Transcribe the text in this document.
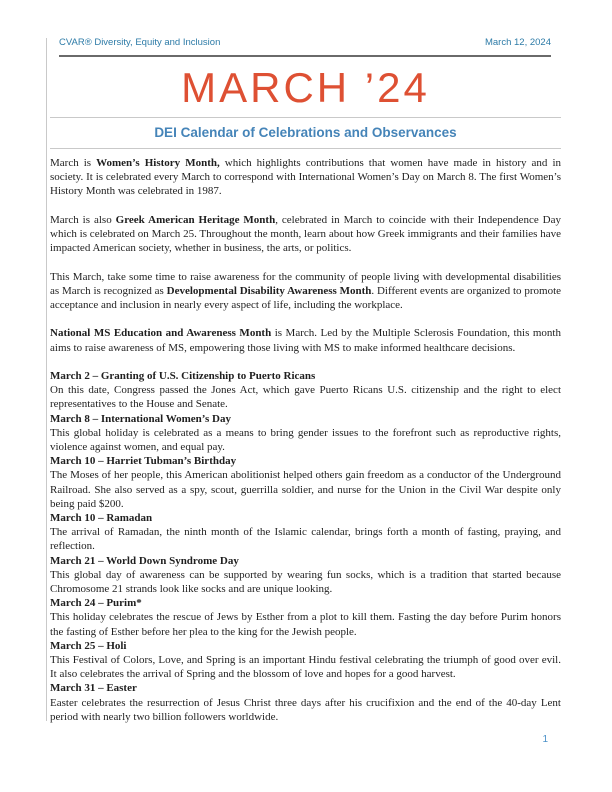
CVAR® Diversity, Equity and Inclusion	March 12, 2024
MARCH ’24
DEI Calendar of Celebrations and Observances

March is Women’s History Month, which highlights contributions that women have made in history and in society. It is celebrated every March to correspond with International Women’s Day on March 8. The first Women’s History Month was celebrated in 1987.

March is also Greek American Heritage Month, celebrated in March to coincide with their Independence Day which is celebrated on March 25. Throughout the month, learn about how Greek immigrants and their families have impacted American society, whether in business, the arts, or politics.

This March, take some time to raise awareness for the community of people living with developmental disabilities as March is recognized as Developmental Disability Awareness Month. Different events are organized to promote acceptance and inclusion in nearly every aspect of life, including the workplace.

National MS Education and Awareness Month is March. Led by the Multiple Sclerosis Foundation, this month aims to raise awareness of MS, empowering those living with MS to make informed healthcare decisions.

March 2 – Granting of U.S. Citizenship to Puerto Ricans

On this date, Congress passed the Jones Act, which gave Puerto Ricans U.S. citizenship and the right to elect representatives to the House and Senate.

March 8 – International Women’s Day

This global holiday is celebrated as a means to bring gender issues to the forefront such as reproductive rights, violence against women, and equal pay.

March 10 – Harriet Tubman’s Birthday

The Moses of her people, this American abolitionist helped others gain freedom as a conductor of the Underground Railroad. She also served as a spy, scout, guerrilla soldier, and nurse for the Union in the Civil War despite only being paid $200.

March 10 – Ramadan

The arrival of Ramadan, the ninth month of the Islamic calendar, brings forth a month of fasting, praying, and reflection.

March 21 – World Down Syndrome Day

This global day of awareness can be supported by wearing fun socks, which is a tradition that started because Chromosome 21 strands look like socks and are unique looking.

March 24 – Purim*

This holiday celebrates the rescue of Jews by Esther from a plot to kill them. Fasting the day before Purim honors the fasting of Esther before her plea to the king for the Jewish people.

March 25 – Holi

This Festival of Colors, Love, and Spring is an important Hindu festival celebrating the triumph of good over evil. It also celebrates the arrival of Spring and the blossom of love and hopes for a good harvest.

March 31 – Easter

Easter celebrates the resurrection of Jesus Christ three days after his crucifixion and the end of the 40-day Lent period with nearly two billion followers worldwide.

1
